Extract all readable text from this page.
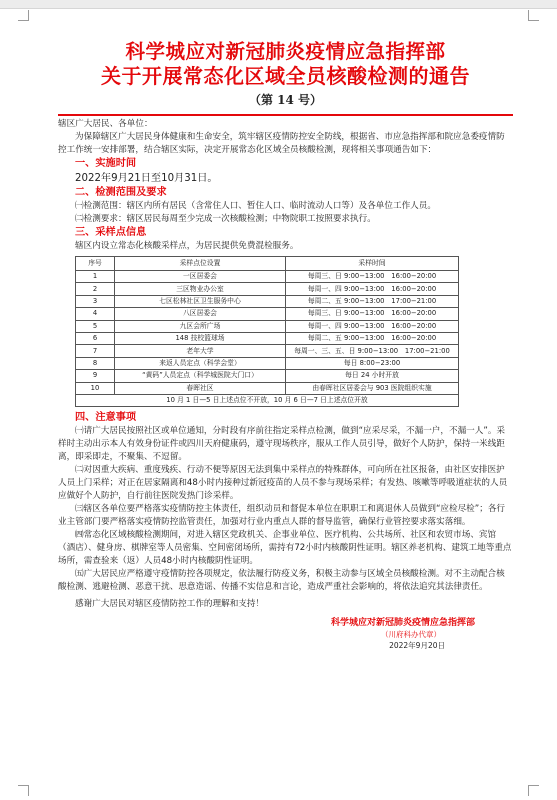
科学城应对新冠肺炎疫情应急指挥部
关于开展常态化区域全员核酸检测的通告
（第 14 号）

辖区广大居民、各单位：

为保障辖区广大居民身体健康和生命安全，筑牢辖区疫情防控安全防线，根据省、市应急指挥部和院应急委疫情防控工作统一安排部署，结合辖区实际，决定开展常态化区域全员核酸检测，现将相关事项通告如下：

一、实施时间

2022年9月21日至10月31日。

二、检测范围及要求

㈠检测范围：辖区内所有居民（含常住人口、暂住人口、临时流动人口等）及各单位工作人员。

㈡检测要求：辖区居民每周至少完成一次核酸检测；中物院职工按照要求执行。

三、采样点信息

辖区内设立常态化核酸采样点，为居民提供免费混检服务。

序号	采样点位设置	采样时间
1	一区居委会	每周三、日 9:00−13:00　16:00−20:00
2	三区物业办公室	每周一、四 9:00−13:00　16:00−20:00
3	七区松林社区卫生服务中心	每周二、五 9:00−13:00　17:00−21:00
4	八区居委会	每周三、日 9:00−13:00　16:00−20:00
5	九区会所广场	每周一、四 9:00−13:00　16:00−20:00
6	148 技校篮球场	每周二、五 9:00−13:00　16:00−20:00
7	老年大学	每周一、三、五、日 9:00−13:00　17:00−21:00
8	来返人员定点（科学会堂）	每日 8:00−23:00
9	“黄码”人员定点（科学城医院大门口）	每日 24 小时开放
10	春晖社区	由春晖社区居委会与 903 医院组织实施
10 月 1 日—5 日上述点位不开放，10 月 6 日—7 日上述点位开放		

四、注意事项

㈠请广大居民按照社区或单位通知，分时段有序前往指定采样点检测，做到“应采尽采，不漏一户，不漏一人”。采样时主动出示本人有效身份证件或四川天府健康码，遵守现场秩序，服从工作人员引导，做好个人防护，保持一米线距离，即采即走，不聚集、不逗留。

㈡对因重大疾病、重度残疾、行动不便等原因无法到集中采样点的特殊群体，可向所在社区报备，由社区安排医护人员上门采样；对正在居家隔离和48小时内接种过新冠疫苗的人员不参与现场采样；有发热、咳嗽等呼吸道症状的人员应做好个人防护，自行前往医院发热门诊采样。

㈢辖区各单位要严格落实疫情防控主体责任，组织动员和督促本单位在职职工和离退休人员做到“应检尽检”；各行业主管部门要严格落实疫情防控监管责任，加强对行业内重点人群的督导监管，确保行业管控要求落实落细。

㈣常态化区域核酸检测期间，对进入辖区党政机关、企事业单位、医疗机构、公共场所、社区和农贸市场、宾馆（酒店）、健身房、棋牌室等人员密集、空间密闭场所，需持有72小时内核酸阴性证明。辖区养老机构、建筑工地等重点场所，需查验来（返）人员48小时内核酸阴性证明。

㈤广大居民应严格遵守疫情防控各项规定，依法履行防疫义务，积极主动参与区域全员核酸检测。对不主动配合核酸检测、逃避检测、恶意干扰、思意造谣、传播不实信息和言论，造成严重社会影响的，将依法追究其法律责任。

感谢广大居民对辖区疫情防控工作的理解和支持！

科学城应对新冠肺炎疫情应急指挥部
（川府科办代章）
2022年9月20日
